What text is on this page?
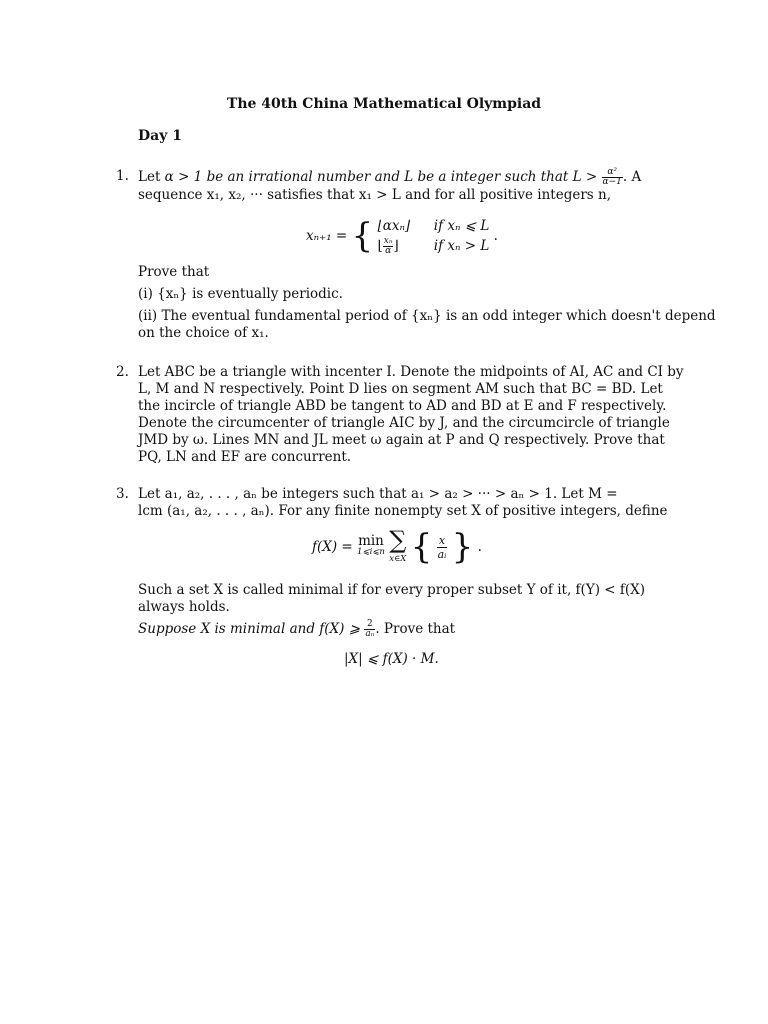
The 40th China Mathematical Olympiad
Day 1
1. Let α > 1 be an irrational number and L be a integer such that $L > \frac{\text{α²}}{\alpha-1}$ . A
sequence x₁, x₂, ··· satisfies that x₁ > L and for all positive integers n,
xₙ₊₁ = { ⌊αxₙ⌋ if xₙ ⩽ L
⌊ $\frac{\text{xₙ}}{\alpha}$ ⌋	if xₙ > L
.
Prove that
(i) {xₙ} is eventually periodic.
(ii) The eventual fundamental period of {xₙ} is an odd integer which doesn't depend
on the choice of x₁.
2. Let ABC be a triangle with incenter I. Denote the midpoints of AI, AC and CI by
L, M and N respectively. Point D lies on segment AM such that BC = BD. Let
the incircle of triangle ABD be tangent to AD and BD at E and F respectively.
Denote the circumcenter of triangle AIC by J, and the circumcircle of triangle
JMD by ω. Lines MN and JL meet ω again at P and Q respectively. Prove that
PQ, LN and EF are concurrent.
3. Let a₁, a₂, . . . , aₙ be integers such that a₁ > a₂ > ··· > aₙ > 1. Let M =
lcm (a₁, a₂, . . . , aₙ). For any finite nonempty set X of positive integers, define
f(X) = min
1⩽i⩽n
∑
x∈X { $\frac{x}{\text{aᵢ}}$ } .
Such a set X is called minimal if for every proper subset Y of it, f(Y) < f(X)
always holds.
Suppose X is minimal and f(X) ⩾ $\frac{2}{\text{aₙ}}$ . Prove that
|X| ⩽ f(X) · M.
